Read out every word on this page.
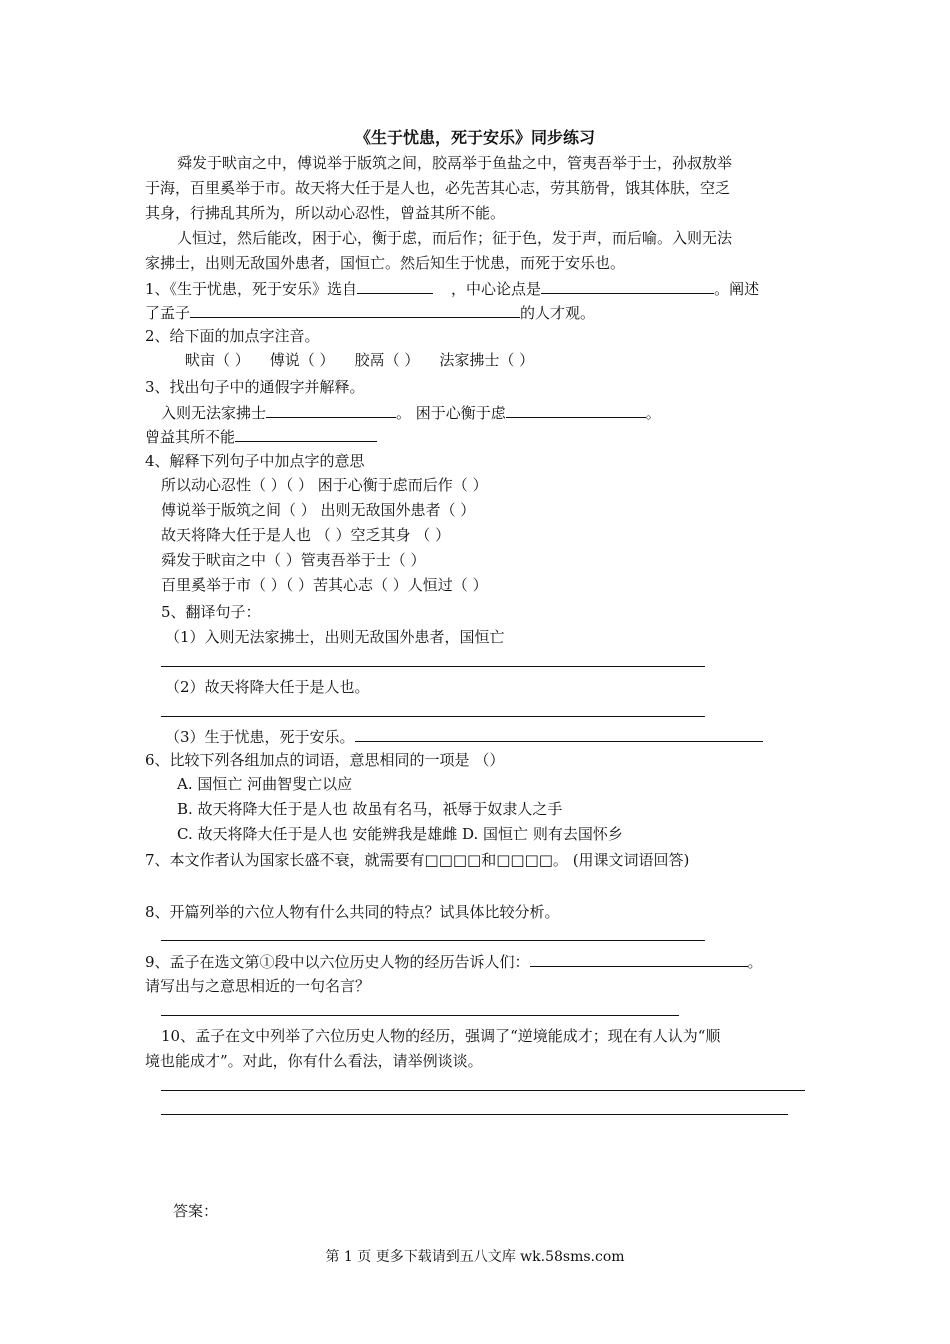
《生于忧患，死于安乐》同步练习
舜发于畎亩之中，傅说举于版筑之间，胶鬲举于鱼盐之中，管夷吾举于士，孙叔敖举
于海，百里奚举于市。故天将大任于是人也，必先苦其心志，劳其筋骨，饿其体肤，空乏
其身，行拂乱其所为，所以动心忍性，曾益其所不能。
人恒过，然后能改，困于心，衡于虑，而后作；征于色，发于声，而后喻。入则无法
家拂士，出则无敌国外患者，国恒亡。然后知生于忧患，而死于安乐也。
1、《生于忧患，死于安乐》选自	，中心论点是	。阐述
了孟子	的人才观。
2、给下面的加点字注音。
畎亩（ ） 傅说（ ） 胶鬲（ ） 法家拂士（ ）
3、找出句子中的通假字并解释。
入则无法家拂士	。 困于心衡于虑	。
曾益其所不能
4、解释下列句子中加点字的意思
所以动心忍性（ ）（ ） 困于心衡于虑而后作（ ）
傅说举于版筑之间（ ） 出则无敌国外患者（ ）
故天将降大任于是人也 （ ）空乏其身 （ ）
舜发于畎亩之中（ ）管夷吾举于士（ ）
百里奚举于市（ ）（ ）苦其心志（ ）人恒过（ ）
5、翻译句子：
（1）入则无法家拂士，出则无敌国外患者，国恒亡
（2）故天将降大任于是人也。
（3）生于忧患，死于安乐。
6、比较下列各组加点的词语，意思相同的一项是 （）
A. 国恒亡 河曲智叟亡以应
B. 故天将降大任于是人也 故虽有名马，祇辱于奴隶人之手
C. 故天将降大任于是人也 安能辨我是雄雌 D. 国恒亡 则有去国怀乡
7、本文作者认为国家长盛不衰，就需要有□□□□和□□□□。 (用课文词语回答)
8、开篇列举的六位人物有什么共同的特点？试具体比较分析。
9、孟子在选文第①段中以六位历史人物的经历告诉人们：	。
请写出与之意思相近的一句名言？
10、孟子在文中列举了六位历史人物的经历，强调了“逆境能成才；现在有人认为“顺
境也能成才”。对此，你有什么看法，请举例谈谈。
答案：
第 1 页 更多下载请到五八文库 wk.58sms.com
